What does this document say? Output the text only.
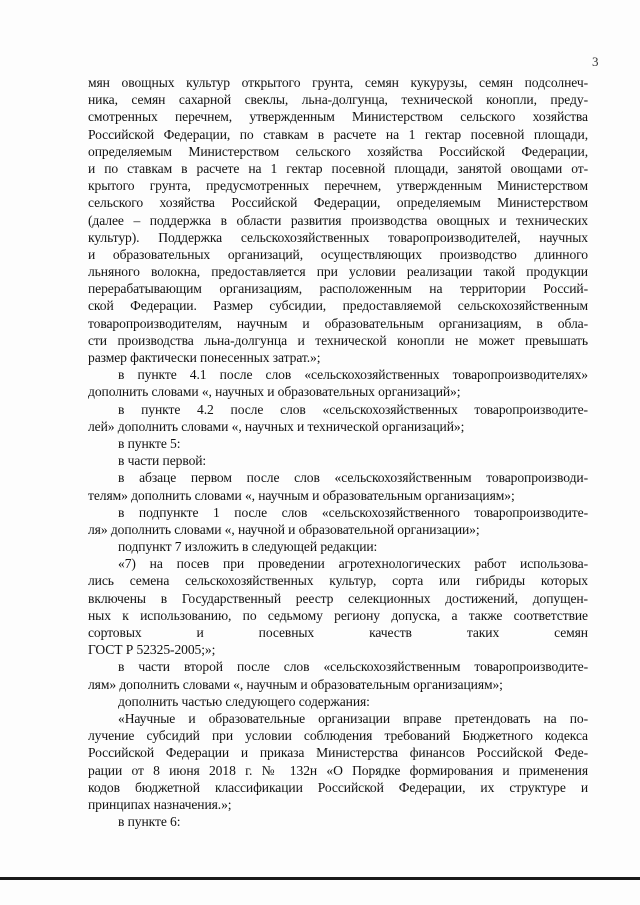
3
мян овощных культур открытого грунта, семян кукурузы, семян подсолнеч-
ника, семян сахарной свеклы, льна-долгунца, технической конопли, преду-
смотренных перечнем, утвержденным Министерством сельского хозяйства
Российской Федерации, по ставкам в расчете на 1 гектар посевной площади,
определяемым Министерством сельского хозяйства Российской Федерации,
и по ставкам в расчете на 1 гектар посевной площади, занятой овощами от-
крытого грунта, предусмотренных перечнем, утвержденным Министерством
сельского хозяйства Российской Федерации, определяемым Министерством
(далее – поддержка в области развития производства овощных и технических
культур). Поддержка сельскохозяйственных товаропроизводителей, научных
и образовательных организаций, осуществляющих производство длинного
льняного волокна, предоставляется при условии реализации такой продукции
перерабатывающим организациям, расположенным на территории Россий-
ской Федерации. Размер субсидии, предоставляемой сельскохозяйственным
товаропроизводителям, научным и образовательным организациям, в обла-
сти производства льна-долгунца и технической конопли не может превышать
размер фактически понесенных затрат.»;
в пункте 4.1 после слов «сельскохозяйственных товаропроизводителях»
дополнить словами «, научных и образовательных организаций»;
в пункте 4.2 после слов «сельскохозяйственных товаропроизводите-
лей» дополнить словами «, научных и технической организаций»;
в пункте 5:
в части первой:
в абзаце первом после слов «сельскохозяйственным товаропроизводи-
телям» дополнить словами «, научным и образовательным организациям»;
в подпункте 1 после слов «сельскохозяйственного товаропроизводите-
ля» дополнить словами «, научной и образовательной организации»;
подпункт 7 изложить в следующей редакции:
«7) на посев при проведении агротехнологических работ использова-
лись семена сельскохозяйственных культур, сорта или гибриды которых
включены в Государственный реестр селекционных достижений, допущен-
ных к использованию, по седьмому региону допуска, а также соответствие
сортовых и посевных качеств таких семян
ГОСТ Р 52325-2005;»;
в части второй после слов «сельскохозяйственным товаропроизводите-
лям» дополнить словами «, научным и образовательным организациям»;
дополнить частью следующего содержания:
«Научные и образовательные организации вправе претендовать на по-
лучение субсидий при условии соблюдения требований Бюджетного кодекса
Российской Федерации и приказа Министерства финансов Российской Феде-
рации от 8 июня 2018 г. № 132н «О Порядке формирования и применения
кодов бюджетной классификации Российской Федерации, их структуре и
принципах назначения.»;
в пункте 6:
